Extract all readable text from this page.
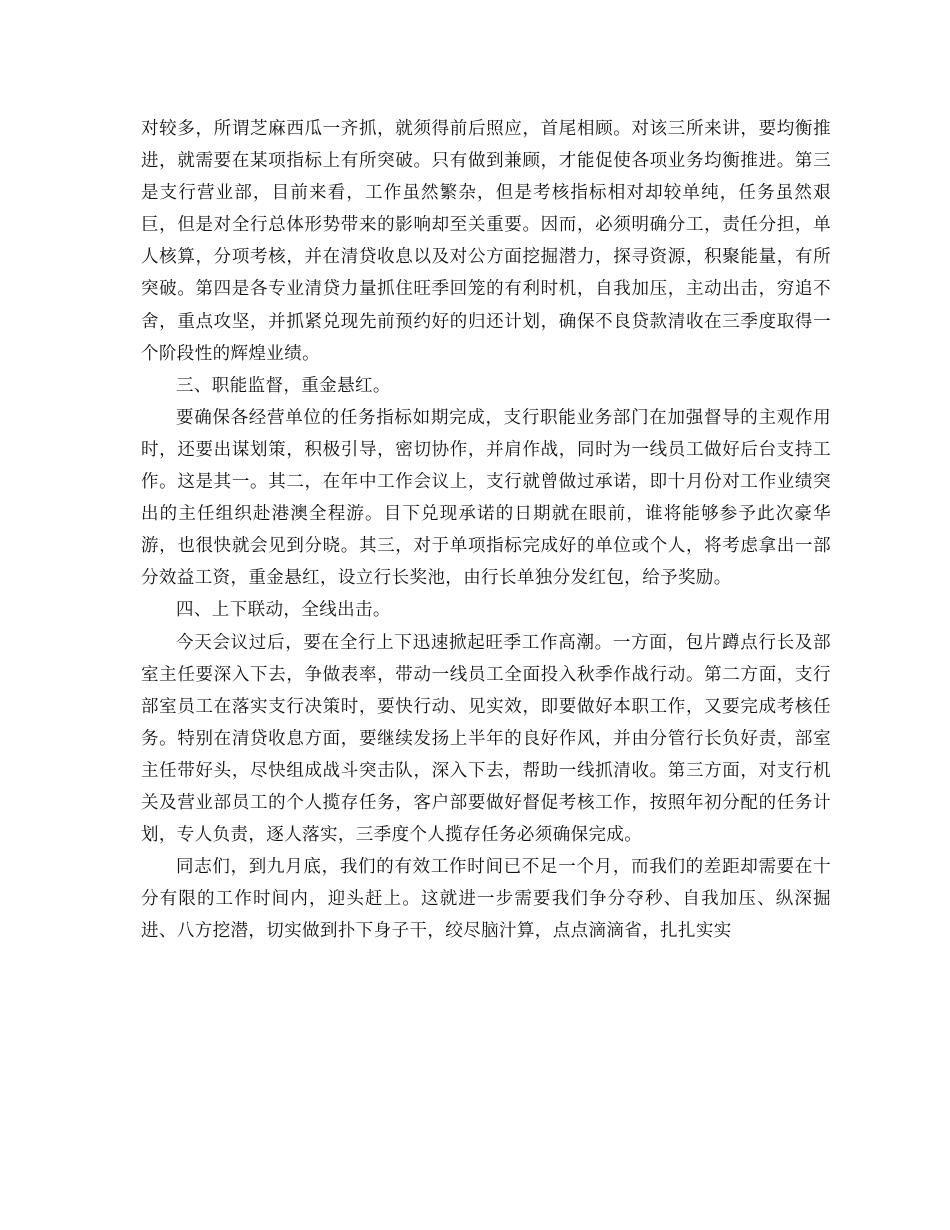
对较多，所谓芝麻西瓜一齐抓，就须得前后照应，首尾相顾。对该三所来讲，要均衡推进，就需要在某项指标上有所突破。只有做到兼顾，才能促使各项业务均衡推进。第三是支行营业部，目前来看，工作虽然繁杂，但是考核指标相对却较单纯，任务虽然艰巨，但是对全行总体形势带来的影响却至关重要。因而，必须明确分工，责任分担，单人核算，分项考核，并在清贷收息以及对公方面挖掘潜力，探寻资源，积聚能量，有所突破。第四是各专业清贷力量抓住旺季回笼的有利时机，自我加压，主动出击，穷追不舍，重点攻坚，并抓紧兑现先前预约好的归还计划，确保不良贷款清收在三季度取得一个阶段性的辉煌业绩。

三、职能监督，重金悬红。

要确保各经营单位的任务指标如期完成，支行职能业务部门在加强督导的主观作用时，还要出谋划策，积极引导，密切协作，并肩作战，同时为一线员工做好后台支持工作。这是其一。其二，在年中工作会议上，支行就曾做过承诺，即十月份对工作业绩突出的主任组织赴港澳全程游。目下兑现承诺的日期就在眼前，谁将能够参予此次豪华游，也很快就会见到分晓。其三，对于单项指标完成好的单位或个人，将考虑拿出一部分效益工资，重金悬红，设立行长奖池，由行长单独分发红包，给予奖励。

四、上下联动，全线出击。

今天会议过后，要在全行上下迅速掀起旺季工作高潮。一方面，包片蹲点行长及部室主任要深入下去，争做表率，带动一线员工全面投入秋季作战行动。第二方面，支行部室员工在落实支行决策时，要快行动、见实效，即要做好本职工作，又要完成考核任务。特别在清贷收息方面，要继续发扬上半年的良好作风，并由分管行长负好责，部室主任带好头，尽快组成战斗突击队，深入下去，帮助一线抓清收。第三方面，对支行机关及营业部员工的个人揽存任务，客户部要做好督促考核工作，按照年初分配的任务计划，专人负责，逐人落实，三季度个人揽存任务必须确保完成。

同志们，到九月底，我们的有效工作时间已不足一个月，而我们的差距却需要在十分有限的工作时间内，迎头赶上。这就进一步需要我们争分夺秒、自我加压、纵深掘进、八方挖潜，切实做到扑下身子干，绞尽脑汁算，点点滴滴省，扎扎实实
